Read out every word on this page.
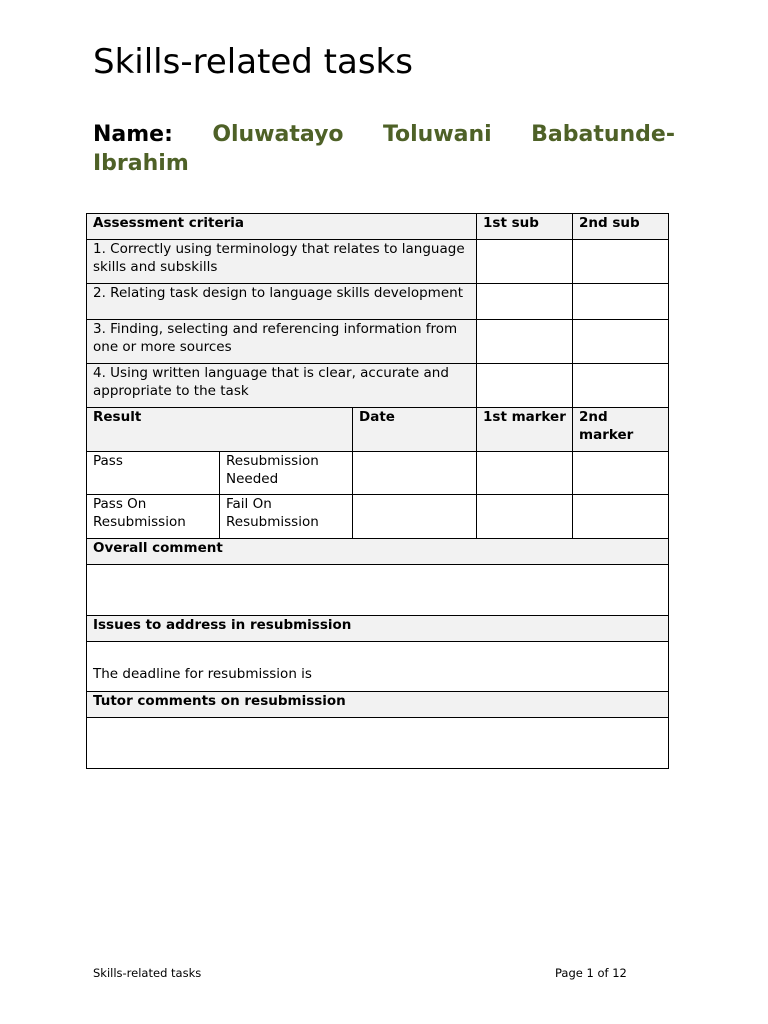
Skills-related tasks
Name: Oluwatayo Toluwani Babatunde-
Ibrahim
Assessment criteria			1st sub	2nd sub
1. Correctly using terminology that relates to language skills and subskills				
2. Relating task design to language skills development				
3. Finding, selecting and referencing information from one or more sources				
4. Using written language that is clear, accurate and appropriate to the task				
Result		Date	1st marker	2nd marker
Pass	Resubmission Needed			
Pass On Resubmission	Fail On Resubmission			
Overall comment				

Issues to address in resubmission				
The deadline for resubmission is				
Tutor comments on resubmission				

Skills-related tasks	Page 1 of 12
